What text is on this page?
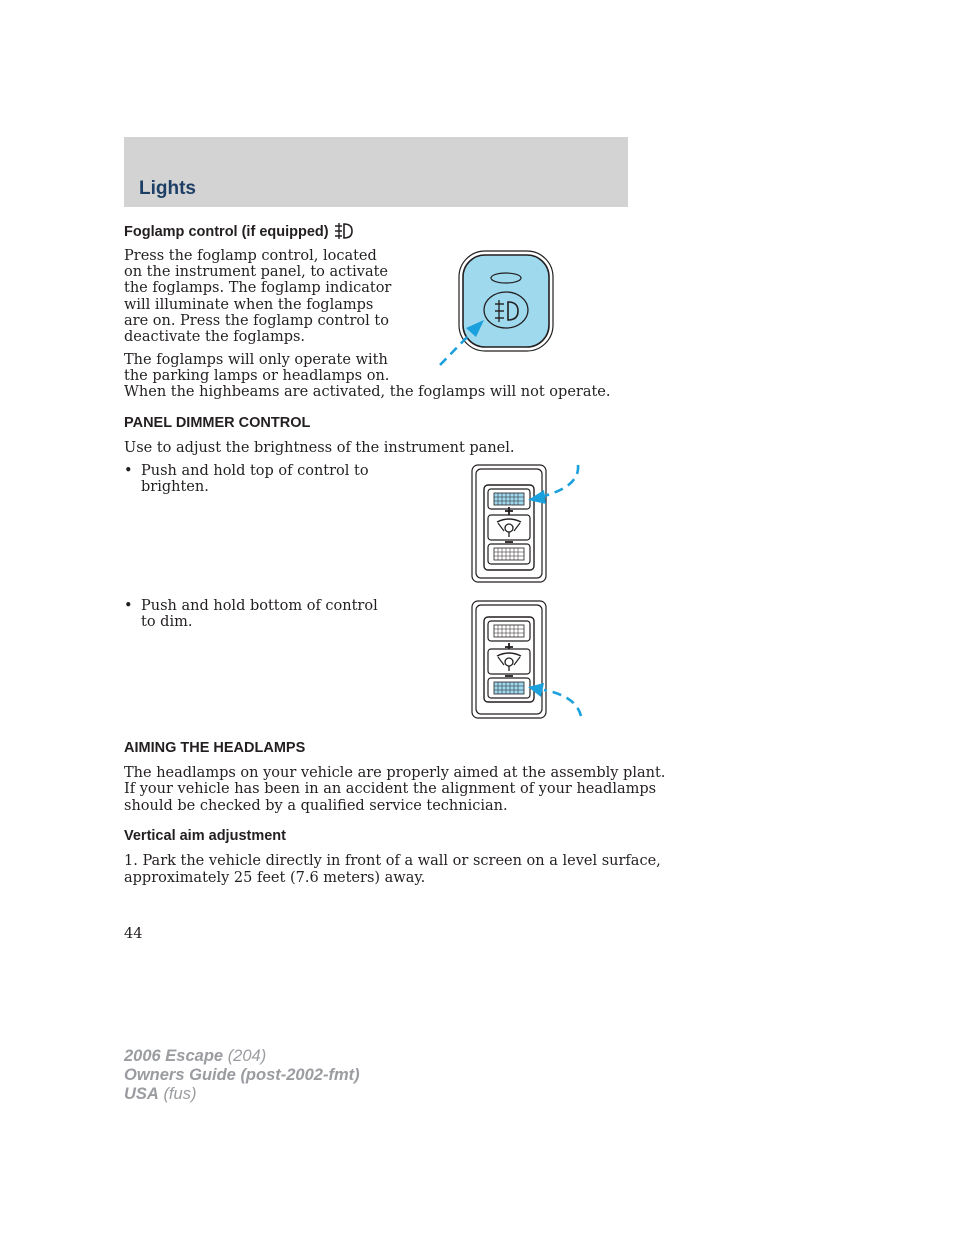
Lights
Foglamp control (if equipped)

Press the foglamp control, located

on the instrument panel, to activate

the foglamps. The foglamp indicator

will illuminate when the foglamps

are on. Press the foglamp control to

deactivate the foglamps.

The foglamps will only operate with

the parking lamps or headlamps on.

When the highbeams are activated, the foglamps will not operate.

PANEL DIMMER CONTROL

Use to adjust the brightness of the instrument panel.

• Push and hold top of control to
brighten.
• Push and hold bottom of control
to dim.
AIMING THE HEADLAMPS

The headlamps on your vehicle are properly aimed at the assembly plant.

If your vehicle has been in an accident the alignment of your headlamps

should be checked by a qualified service technician.

Vertical aim adjustment

1. Park the vehicle directly in front of a wall or screen on a level surface,

approximately 25 feet (7.6 meters) away.

44

2006 Escape (204)
Owners Guide (post-2002-fmt)
USA (fus)
